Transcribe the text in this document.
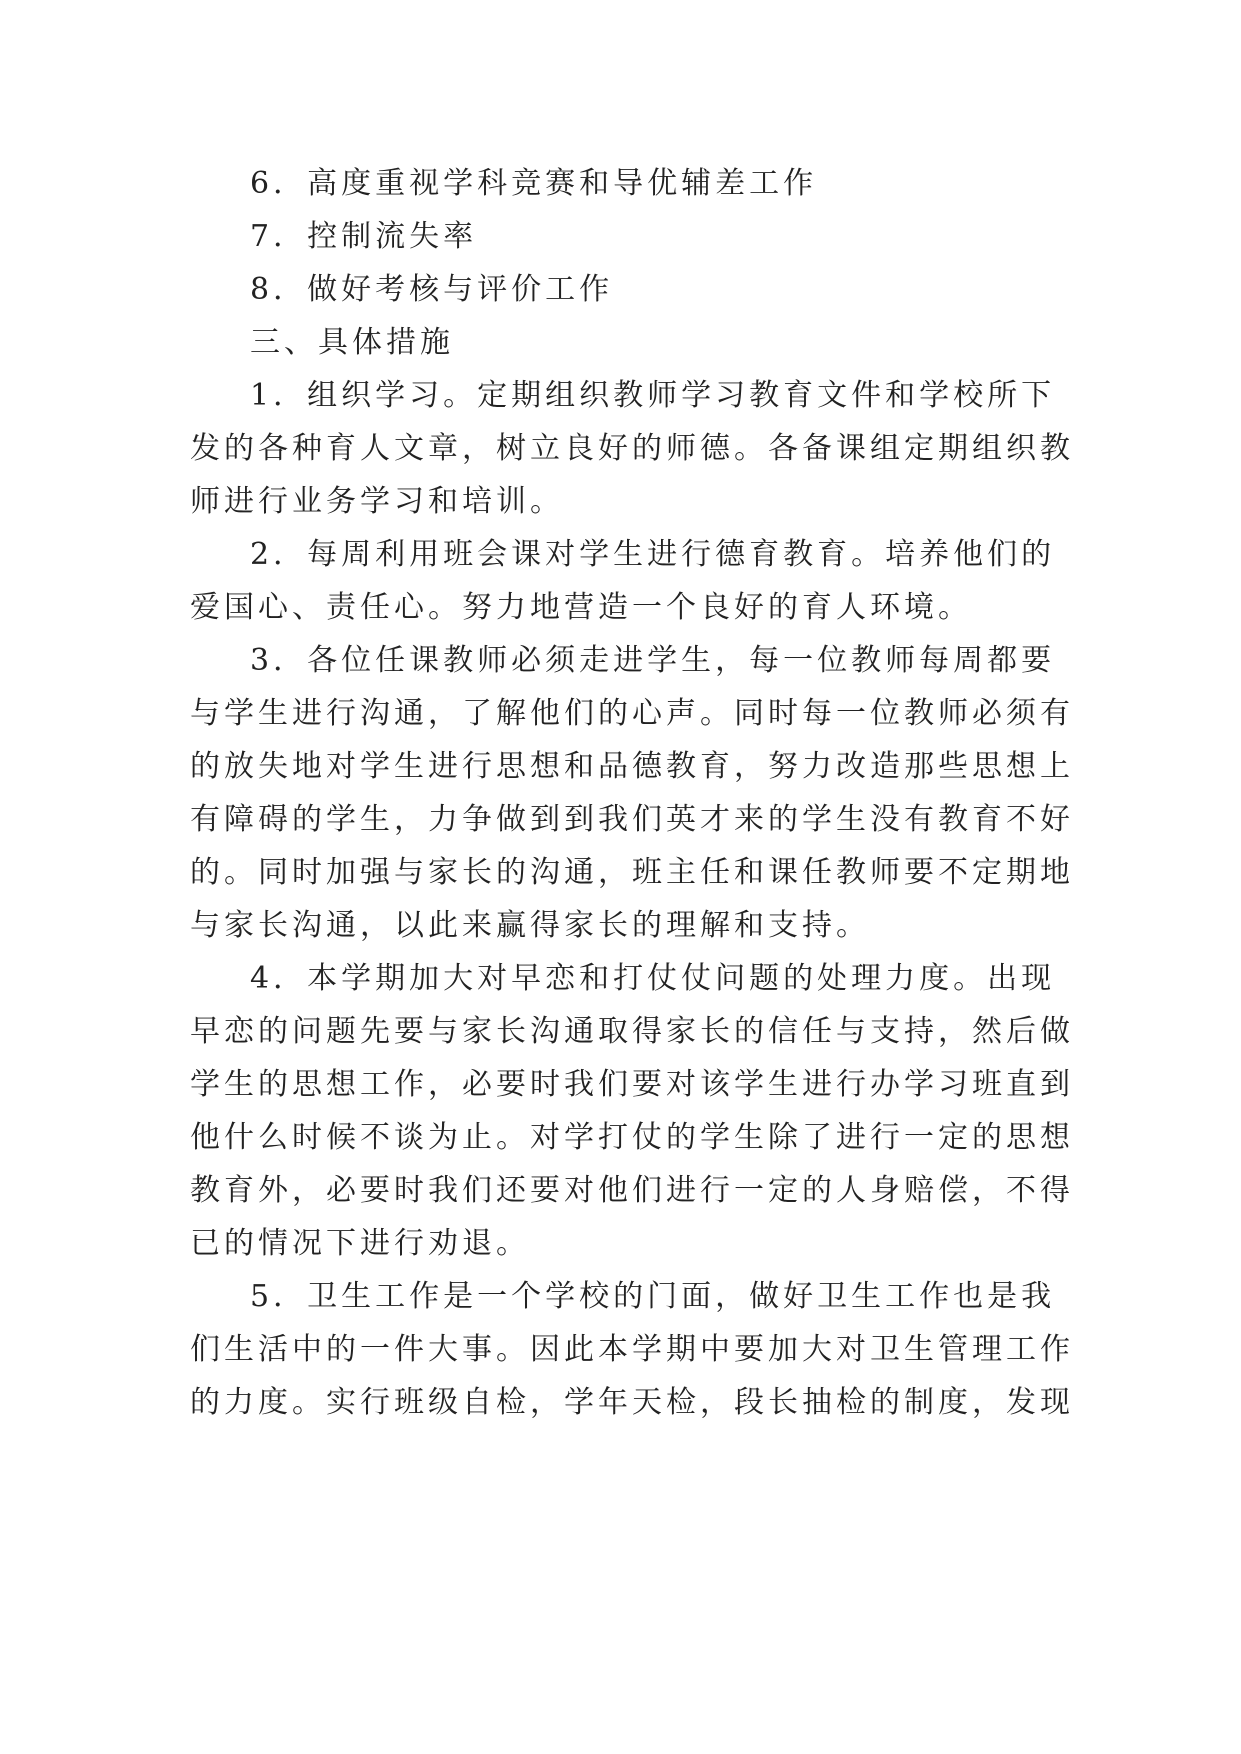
6．高度重视学科竞赛和导优辅差工作
7．控制流失率
8．做好考核与评价工作
三、具体措施
1．组织学习。定期组织教师学习教育文件和学校所下
发的各种育人文章，树立良好的师德。各备课组定期组织教
师进行业务学习和培训。
2．每周利用班会课对学生进行德育教育。培养他们的
爱国心、责任心。努力地营造一个良好的育人环境。
3．各位任课教师必须走进学生，每一位教师每周都要
与学生进行沟通，了解他们的心声。同时每一位教师必须有
的放失地对学生进行思想和品德教育，努力改造那些思想上
有障碍的学生，力争做到到我们英才来的学生没有教育不好
的。同时加强与家长的沟通，班主任和课任教师要不定期地
与家长沟通，以此来赢得家长的理解和支持。
4．本学期加大对早恋和打仗仗问题的处理力度。出现
早恋的问题先要与家长沟通取得家长的信任与支持，然后做
学生的思想工作，必要时我们要对该学生进行办学习班直到
他什么时候不谈为止。对学打仗的学生除了进行一定的思想
教育外，必要时我们还要对他们进行一定的人身赔偿，不得
已的情况下进行劝退。
5．卫生工作是一个学校的门面，做好卫生工作也是我
们生活中的一件大事。因此本学期中要加大对卫生管理工作
的力度。实行班级自检，学年天检，段长抽检的制度，发现
